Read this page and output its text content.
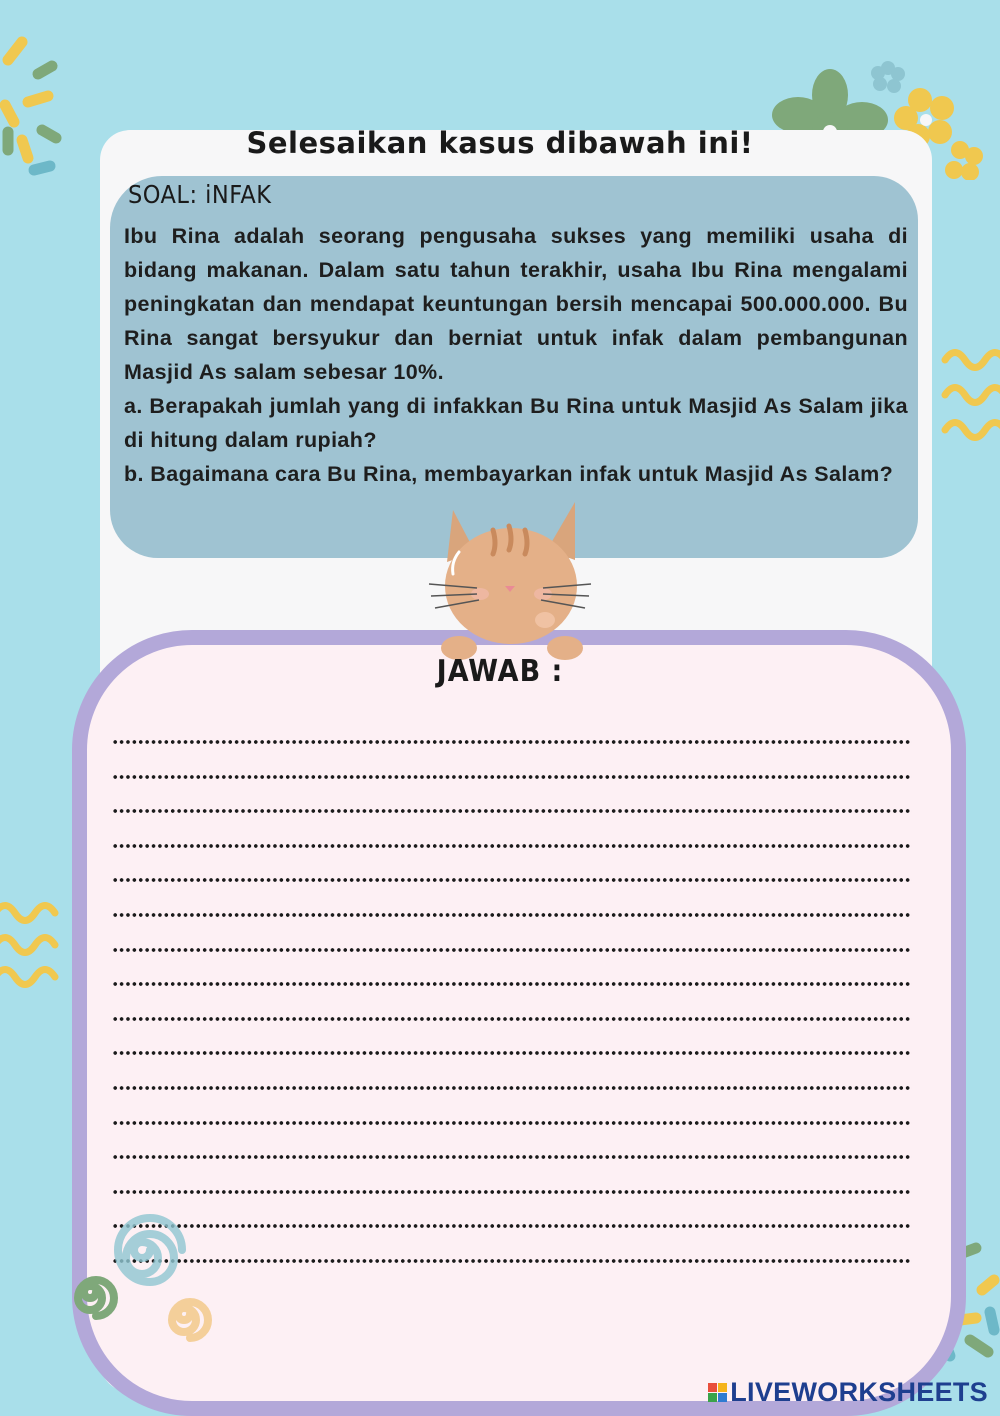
Selesaikan kasus dibawah ini!
SOAL: iNFAK

Ibu Rina adalah seorang pengusaha sukses yang memiliki usaha di bidang makanan. Dalam satu tahun terakhir, usaha Ibu Rina mengalami peningkatan dan mendapat keuntungan bersih mencapai 500.000.000. Bu Rina sangat bersyukur dan berniat untuk infak dalam pembangunan Masjid As salam sebesar 10%.

a. Berapakah jumlah yang di infakkan Bu Rina untuk Masjid As Salam jika di hitung dalam rupiah?

b. Bagaimana cara Bu Rina, membayarkan infak untuk Masjid As Salam?

JAWAB :
LIVEWORKSHEETS
